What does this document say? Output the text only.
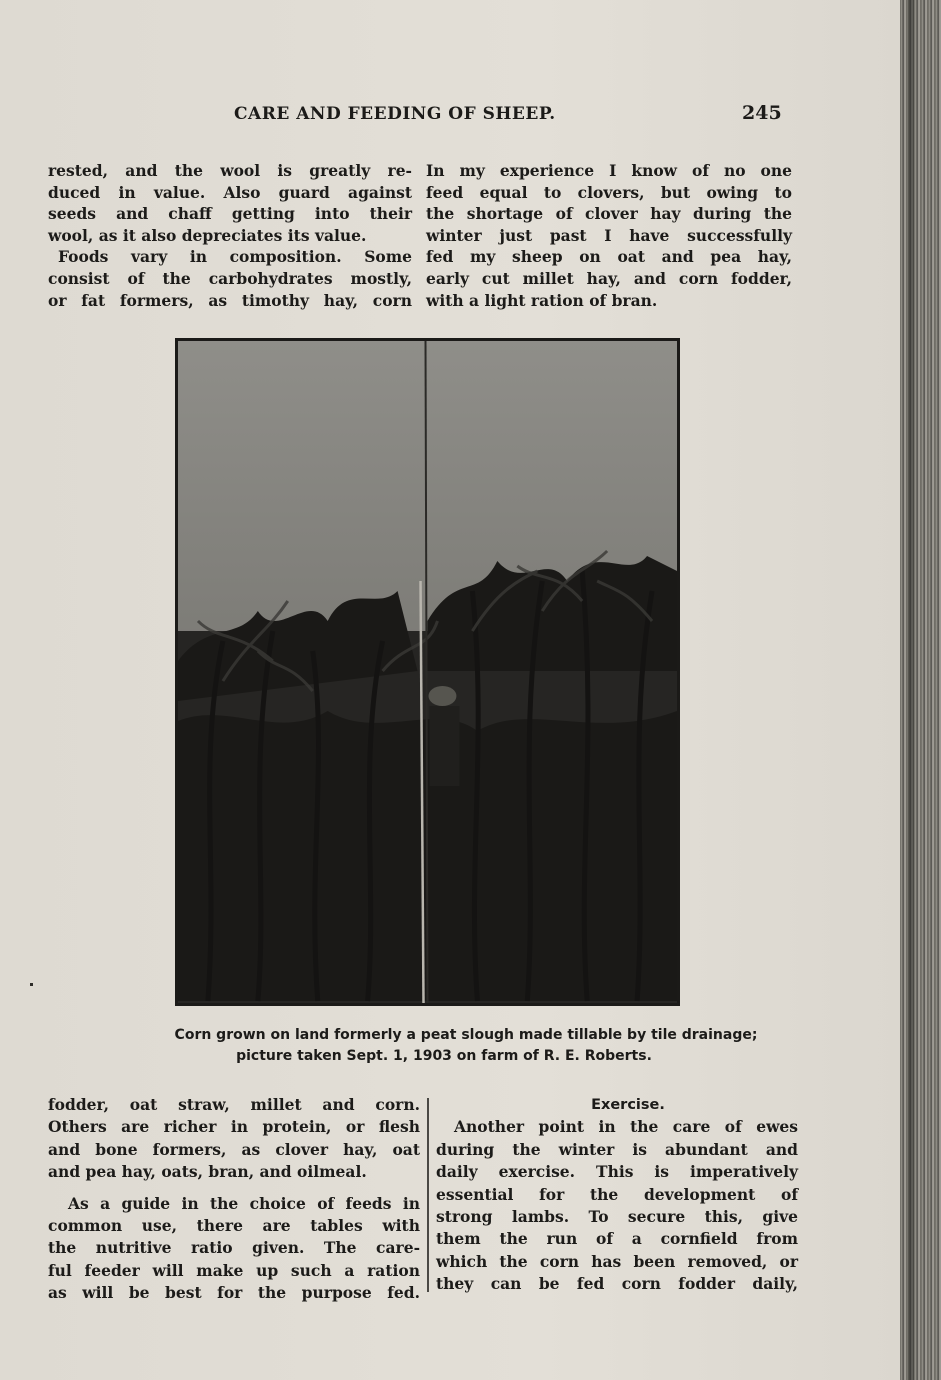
CARE AND FEEDING OF SHEEP.	245
rested, and the wool is greatly re-
duced in value. Also guard against
seeds and chaff getting into their
wool, as it also depreciates its value.
Foods vary in composition. Some
consist of the carbohydrates mostly,
or fat formers, as timothy hay, corn
In my experience I know of no one
feed equal to clovers, but owing to
the shortage of clover hay during the
winter just past I have successfully
fed my sheep on oat and pea hay,
early cut millet hay, and corn fodder,
with a light ration of bran.
Corn grown on land formerly a peat slough made tillable by tile drainage;
picture taken Sept. 1, 1903 on farm of R. E. Roberts.
fodder, oat straw, millet and corn.
Others are richer in protein, or flesh
and bone formers, as clover hay, oat
and pea hay, oats, bran, and oilmeal.
As a guide in the choice of feeds in
common use, there are tables with
the nutritive ratio given. The care-
ful feeder will make up such a ration
as will be best for the purpose fed.
Exercise.
Another point in the care of ewes
during the winter is abundant and
daily exercise. This is imperatively
essential for the development of
strong lambs. To secure this, give
them the run of a cornfield from
which the corn has been removed, or
they can be fed corn fodder daily,
